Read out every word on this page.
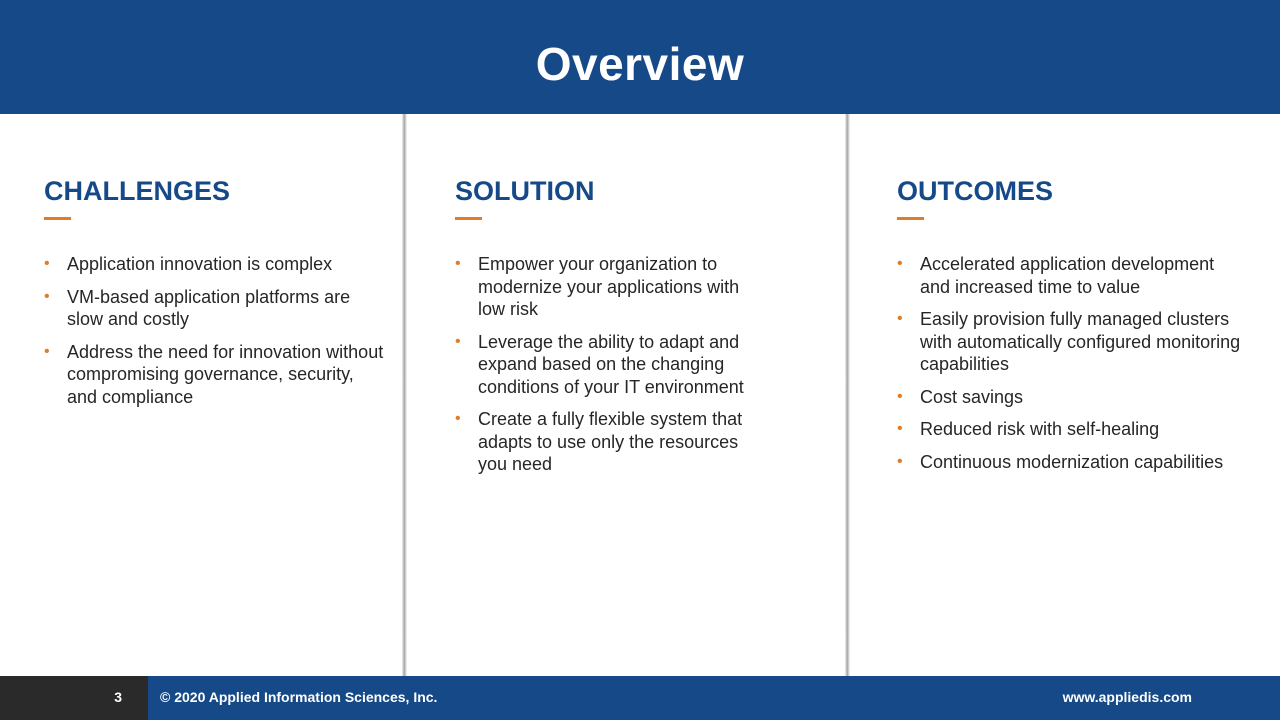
Overview
CHALLENGES
• Application innovation is complex
• VM-based application platforms are slow and costly
• Address the need for innovation without compromising governance, security, and compliance
SOLUTION
• Empower your organization to modernize your applications with low risk
• Leverage the ability to adapt and expand based on the changing conditions of your IT environment
• Create a fully flexible system that adapts to use only the resources you need
OUTCOMES
• Accelerated application development and increased time to value
• Easily provision fully managed clusters with automatically configured monitoring capabilities
• Cost savings
• Reduced risk with self-healing
• Continuous modernization capabilities
3	© 2020 Applied Information Sciences, Inc.	www.appliedis.com
